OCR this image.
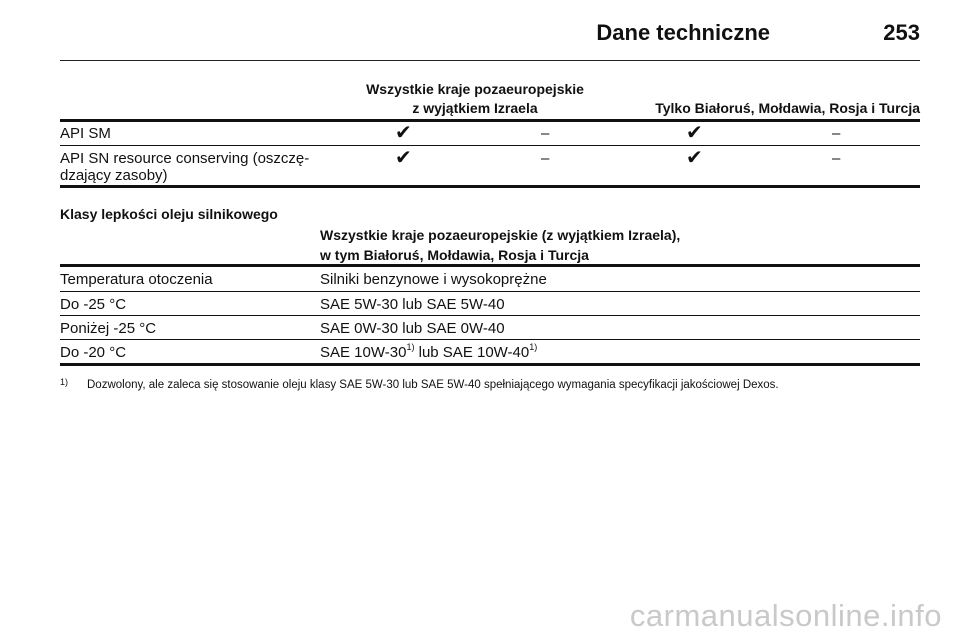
Dane techniczne	253
Wszystkie kraje pozaeuropejskie
z wyjątkiem Izraela	Tylko Białoruś, Mołdawia, Rosja i Turcja
API SM	✔	–	✔	–
API SN resource conserving (oszczę-
dzający zasoby)
✔	–	✔	–
Klasy lepkości oleju silnikowego
Wszystkie kraje pozaeuropejskie (z wyjątkiem Izraela),
w tym Białoruś, Mołdawia, Rosja i Turcja
Temperatura otoczenia	Silniki benzynowe i wysokoprężne
Do -25 °C	SAE 5W-30 lub SAE 5W-40
Poniżej -25 °C	SAE 0W-30 lub SAE 0W-40
Do -20 °C	SAE 10W-30$^{1)}$ lub SAE 10W-40$^{1)}$
1) Dozwolony, ale zaleca się stosowanie oleju klasy SAE 5W-30 lub SAE 5W-40 spełniającego wymagania specyfikacji jakościowej Dexos.
carmanualsonline.info
